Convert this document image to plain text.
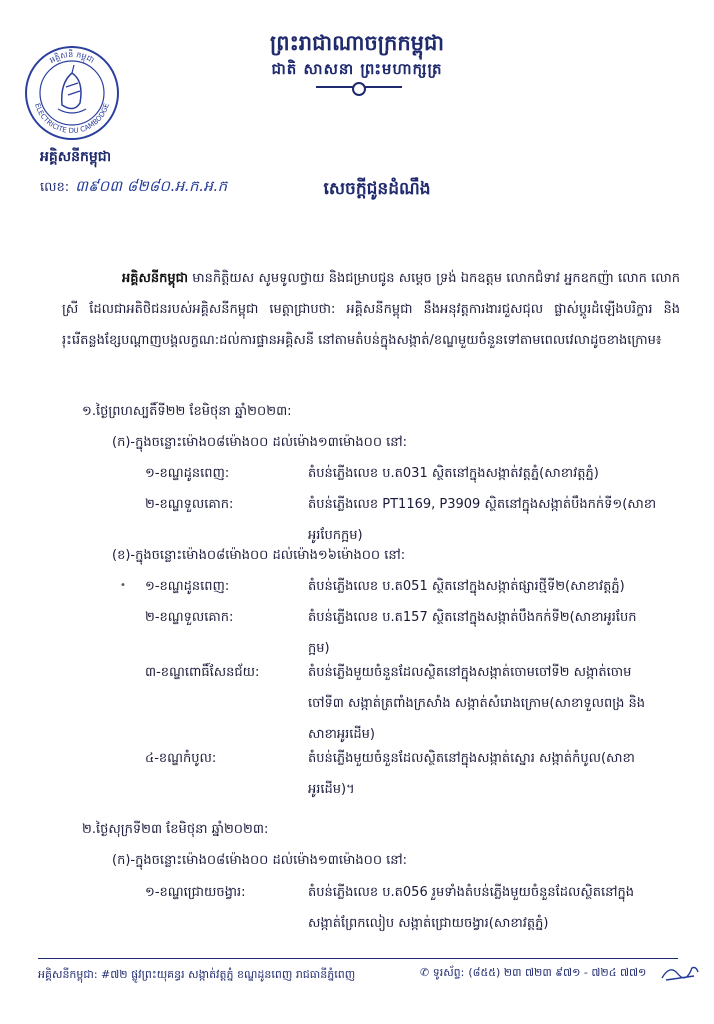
ព្រះរាជាណាចក្រកម្ពុជា
ជាតិ សាសនា ព្រះមហាក្សត្រ
អគ្គិសនី កម្ពុជា
ELECTRICITE DU CAMBODGE
អគ្គិសនីកម្ពុជា
លេខ: ៣៩០៣ ៨២៨០.អ.ក.អ.ក	សេចក្តីជូនដំណឹង
អគ្គិសនីកម្ពុជា មានកិត្តិយស សូមទូលថ្វាយ និងជម្រាបជូន សម្តេច ទ្រង់ ឯកឧត្តម លោកជំទាវ អ្នកឧកញ៉ា លោក លោកស្រី ដែលជាអតិថិជនរបស់អគ្គិសនីកម្ពុជា មេត្តាជ្រាបថា: អគ្គិសនីកម្ពុជា នឹងអនុវត្តការងារជួសជុល ផ្លាស់ប្តូរដំឡើងបរិក្ខារ និងរុះរើតន្លងខ្សែបណ្តាញបង្គលក្ខណ:ដល់ការផ្ទានអគ្គិសនី នៅតាមតំបន់ក្នុងសង្កាត់/ខណ្ឌមួយចំនួនទៅតាមពេលវេលាដូចខាងក្រោម៖
១.ថ្ងៃព្រហស្បតិ៍ទី២២ ខែមិថុនា ឆ្នាំ២០២៣:
(ក)-ក្នុងចន្លោះម៉ោង០៨ម៉ោង០០ ដល់ម៉ោង១៣ម៉ោង០០ នៅ:
១-ខណ្ឌដូនពេញ:	តំបន់ភ្លើងលេខ ប.ត031 ស្ថិតនៅក្នុងសង្កាត់វត្តភ្នំ(សាខាវត្តភ្នំ)
២-ខណ្ឌទួលគោក:	តំបន់ភ្លើងលេខ PT1169, P3909 ស្ថិតនៅក្នុងសង្កាត់បឹងកក់ទី១(សាខា
អូរបែកក្អម)
(ខ)-ក្នុងចន្លោះម៉ោង០៨ម៉ោង០០ ដល់ម៉ោង១៦ម៉ោង០០ នៅ:
• ១-ខណ្ឌដូនពេញ:	តំបន់ភ្លើងលេខ ប.ត051 ស្ថិតនៅក្នុងសង្កាត់ផ្សារថ្មីទី២(សាខាវត្តភ្នំ)
២-ខណ្ឌទួលគោក:	តំបន់ភ្លើងលេខ ប.ត157 ស្ថិតនៅក្នុងសង្កាត់បឹងកក់ទី២(សាខាអូរបែក
ក្អម)
៣-ខណ្ឌពោធិ៍សែនជ័យ:	តំបន់ភ្លើងមួយចំនួនដែលស្ថិតនៅក្នុងសង្កាត់ចោមចៅទី២ សង្កាត់ចោម
ចៅទី៣ សង្កាត់ត្រពាំងក្រសាំង សង្កាត់សំរោងក្រោម(សាខាទួលពង្រ និង
សាខាអូរដើម)
៤-ខណ្ឌកំបូល:	តំបន់ភ្លើងមួយចំនួនដែលស្ថិតនៅក្នុងសង្កាត់ស្នោរ សង្កាត់កំបូល(សាខា
អូរដើម)។
២.ថ្ងៃសុក្រទី២៣ ខែមិថុនា ឆ្នាំ២០២៣:
(ក)-ក្នុងចន្លោះម៉ោង០៨ម៉ោង០០ ដល់ម៉ោង១៣ម៉ោង០០ នៅ:
១-ខណ្ឌជ្រោយចង្វារ:	តំបន់ភ្លើងលេខ ប.ត056 រួមទាំងតំបន់ភ្លើងមួយចំនួនដែលស្ថិតនៅក្នុង
សង្កាត់ព្រែកលៀប សង្កាត់ជ្រោយចង្វារ(សាខាវត្តភ្នំ)
អគ្គិសនីកម្ពុជា: #៧២ ផ្លូវព្រះយុគន្ធរ សង្កាត់វត្តភ្នំ ខណ្ឌដូនពេញ រាជធានីភ្នំពេញ	✆ ទូរស័ព្ទ: (៨៥៥) ២៣ ៧២៣ ៩៧១ - ៧២៤ ៧៧១
